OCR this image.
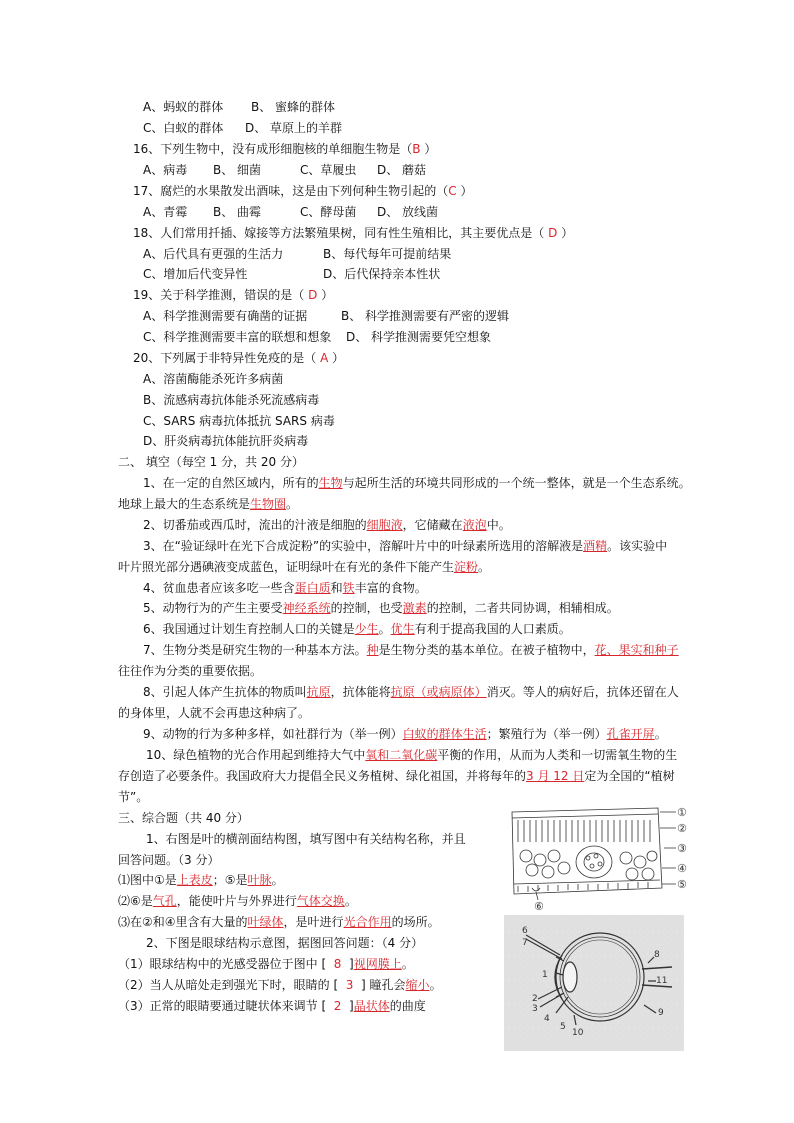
A、蚂蚁的群体 B、 蜜蜂的群体
C、白蚁的群体 D、 草原上的羊群
16、下列生物中，没有成形细胞核的单细胞生物是（B ）
A、病毒 B、 细菌	C、草履虫 D、 蘑菇
17、腐烂的水果散发出酒味，这是由下列何种生物引起的（C ）
A、青霉 B、 曲霉	C、酵母菌 D、 放线菌
18、人们常用扦插、嫁接等方法繁殖果树，同有性生殖相比，其主要优点是（ D ）
A、后代具有更强的生活力	B、每代每年可提前结果
C、增加后代变异性	D、后代保持亲本性状
19、关于科学推测，错误的是（ D ）
A、科学推测需要有确凿的证据	B、 科学推测需要有严密的逻辑
C、科学推测需要丰富的联想和想象 D、 科学推测需要凭空想象
20、下列属于非特异性免疫的是（ A ）
A、溶菌酶能杀死许多病菌
B、流感病毒抗体能杀死流感病毒
C、SARS 病毒抗体抵抗 SARS 病毒
D、肝炎病毒抗体能抗肝炎病毒
二、 填空（每空 1 分，共 20 分）
1、在一定的自然区域内，所有的生物与起所生活的环境共同形成的一个统一整体，就是一个生态系统。
地球上最大的生态系统是生物圈。
2、切番茄或西瓜时，流出的汁液是细胞的细胞液，它储藏在液泡中。
3、在“验证绿叶在光下合成淀粉”的实验中，溶解叶片中的叶绿素所选用的溶解液是酒精。该实验中
叶片照光部分遇碘液变成蓝色，证明绿叶在有光的条件下能产生淀粉。
4、贫血患者应该多吃一些含蛋白质和铁丰富的食物。
5、动物行为的产生主要受神经系统的控制，也受激素的控制，二者共同协调，相辅相成。
6、我国通过计划生育控制人口的关键是少生。优生有利于提高我国的人口素质。
7、生物分类是研究生物的一种基本方法。种是生物分类的基本单位。在被子植物中，花、果实和种子
往往作为分类的重要依据。
8、引起人体产生抗体的物质叫抗原，抗体能将抗原（或病原体）消灭。等人的病好后，抗体还留在人
的身体里，人就不会再患这种病了。
9、动物的行为多种多样，如社群行为（举一例）白蚁的群体生活；繁殖行为（举一例）孔雀开屏。
10、绿色植物的光合作用起到维持大气中氧和二氧化碳平衡的作用，从而为人类和一切需氧生物的生
存创造了必要条件。我国政府大力提倡全民义务植树、绿化祖国，并将每年的3 月 12 日定为全国的“植树
节”。
三、综合题（共 40 分）
1、右图是叶的横剖面结构图，填写图中有关结构名称，并且
回答问题。（3 分）
⑴图中①是上表皮；⑤是叶脉。
⑵⑥是气孔，能使叶片与外界进行气体交换。
⑶在②和④里含有大量的叶绿体，是叶进行光合作用的场所。
2、下图是眼球结构示意图，据图回答问题：（4 分）
（1）眼球结构中的光感受器位于图中 [  8  ]视网膜上。
（2）当人从暗处走到强光下时，眼睛的 [  3  ] 瞳孔会缩小。
（3）正常的眼睛要通过睫状体来调节 [  2  ]晶状体的曲度
①
②
③
④
⑤
⑥
6
7
8
1
2
3
4
5
9
10
11
